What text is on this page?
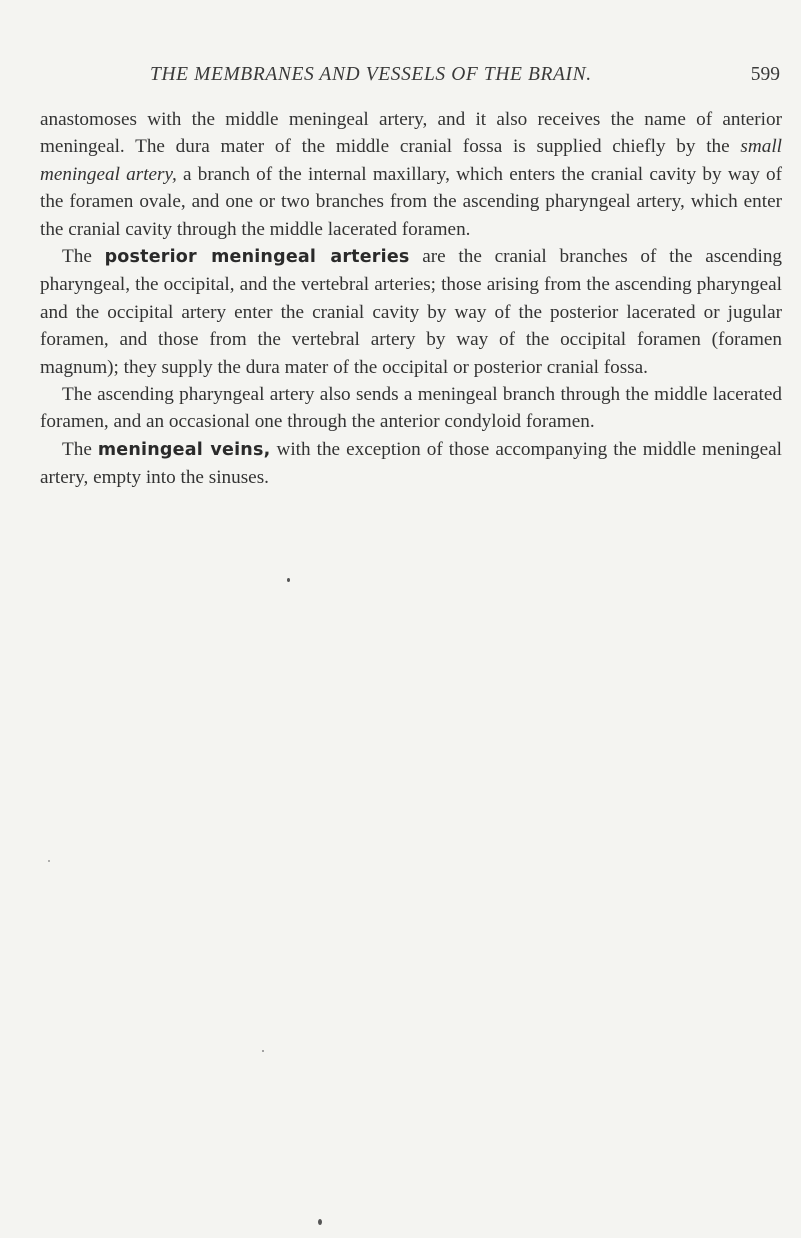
THE MEMBRANES AND VESSELS OF THE BRAIN.	599

anastomoses with the middle meningeal artery, and it also receives the name of anterior meningeal. The dura mater of the middle cranial fossa is supplied chiefly by the small meningeal artery, a branch of the internal maxillary, which enters the cranial cavity by way of the foramen ovale, and one or two branches from the ascending pharyngeal artery, which enter the cranial cavity through the middle lacerated foramen.

The posterior meningeal arteries are the cranial branches of the ascending pharyngeal, the occipital, and the vertebral arteries; those arising from the ascending pharyngeal and the occipital artery enter the cranial cavity by way of the posterior lacerated or jugular foramen, and those from the vertebral artery by way of the occipital foramen (foramen magnum); they supply the dura mater of the occipital or posterior cranial fossa.

The ascending pharyngeal artery also sends a meningeal branch through the middle lacerated foramen, and an occasional one through the anterior condyloid foramen.

The meningeal veins, with the exception of those accompanying the middle meningeal artery, empty into the sinuses.
